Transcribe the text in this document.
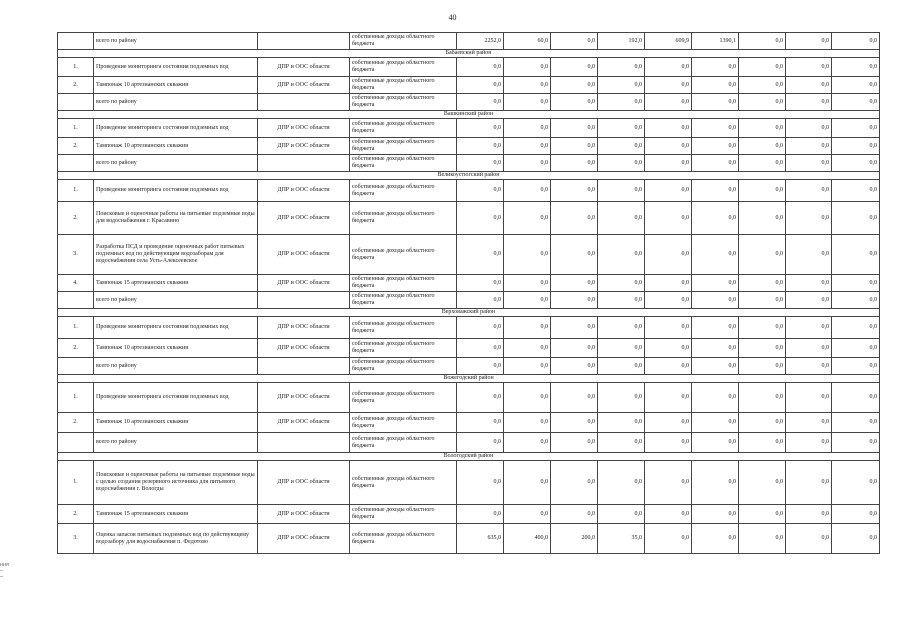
40
	всего по району		собственные доходы областного бюджета	2252,0	60,0	0,0	192,0	609,9	1390,1	0,0	0,0	0,0
Бабаевский район												
1.	Проведение мониторинга состояния подземных вод	ДПР и ООС области	собственные доходы областного бюджета	0,0	0,0	0,0	0,0	0,0	0,0	0,0	0,0	0,0
2.	Тампонаж 10 артезианских скважин	ДПР и ООС области	собственные доходы областного бюджета	0,0	0,0	0,0	0,0	0,0	0,0	0,0	0,0	0,0
	всего по району		собственные доходы областного бюджета	0,0	0,0	0,0	0,0	0,0	0,0	0,0	0,0	0,0
Вашкинский район												
1.	Проведение мониторинга состояния подземных вод	ДПР и ООС области	собственные доходы областного бюджета	0,0	0,0	0,0	0,0	0,0	0,0	0,0	0,0	0,0
2.	Тампонаж 10 артезианских скважин	ДПР и ООС области	собственные доходы областного бюджета	0,0	0,0	0,0	0,0	0,0	0,0	0,0	0,0	0,0
	всего по району		собственные доходы областного бюджета	0,0	0,0	0,0	0,0	0,0	0,0	0,0	0,0	0,0
Великоустюгский район												
1.	Проведение мониторинга состояния подземных вод	ДПР и ООС области	собственные доходы областного бюджета	0,0	0,0	0,0	0,0	0,0	0,0	0,0	0,0	0,0
2.	Поисковые и оценочные работы на питьевые подземные воды для водоснабжения г. Красавино	ДПР и ООС области	собственные доходы областного бюджета	0,0	0,0	0,0	0,0	0,0	0,0	0,0	0,0	0,0
3.	Разработка ПСД и проведение оценочных работ питьевых подземных вод по действующим водозаборам для водоснабжения села Усть-Алексеевское	ДПР и ООС области	собственные доходы областного бюджета	0,0	0,0	0,0	0,0	0,0	0,0	0,0	0,0	0,0
4.	Тампонаж 15 артезианских скважин	ДПР и ООС области	собственные доходы областного бюджета	0,0	0,0	0,0	0,0	0,0	0,0	0,0	0,0	0,0
	всего по району		собственные доходы областного бюджета	0,0	0,0	0,0	0,0	0,0	0,0	0,0	0,0	0,0
Верховажский район												
1.	Проведение мониторинга состояния подземных вод	ДПР и ООС области	собственные доходы областного бюджета	0,0	0,0	0,0	0,0	0,0	0,0	0,0	0,0	0,0
2.	Тампонаж 10 артезианских скважин	ДПР и ООС области	собственные доходы областного бюджета	0,0	0,0	0,0	0,0	0,0	0,0	0,0	0,0	0,0
	всего по району		собственные доходы областного бюджета	0,0	0,0	0,0	0,0	0,0	0,0	0,0	0,0	0,0
Вожегодский район												
1.	Проведение мониторинга состояния подземных вод	ДПР и ООС области	собственные доходы областного бюджета	0,0	0,0	0,0	0,0	0,0	0,0	0,0	0,0	0,0
2.	Тампонаж 10 артезианских скважин	ДПР и ООС области	собственные доходы областного бюджета	0,0	0,0	0,0	0,0	0,0	0,0	0,0	0,0	0,0
	всего по району		собственные доходы областного бюджета	0,0	0,0	0,0	0,0	0,0	0,0	0,0	0,0	0,0
Вологодский район												
1.	Поисковые и оценочные работы на питьевые подземные воды с целью создания резервного источника для питьевого водоснабжения г. Вологды	ДПР и ООС области	собственные доходы областного бюджета	0,0	0,0	0,0	0,0	0,0	0,0	0,0	0,0	0,0
2.	Тампонаж 15 артезианских скважин	ДПР и ООС области	собственные доходы областного бюджета	0,0	0,0	0,0	0,0	0,0	0,0	0,0	0,0	0,0
3.	Оценка запасов питьевых подземных вод по действующему водозабору для водоснабжения п. Федотово	ДПР и ООС области	собственные доходы областного бюджета	635,0	400,0	200,0	35,0	0,0	0,0	0,0	0,0	0,0
ння
—
—
